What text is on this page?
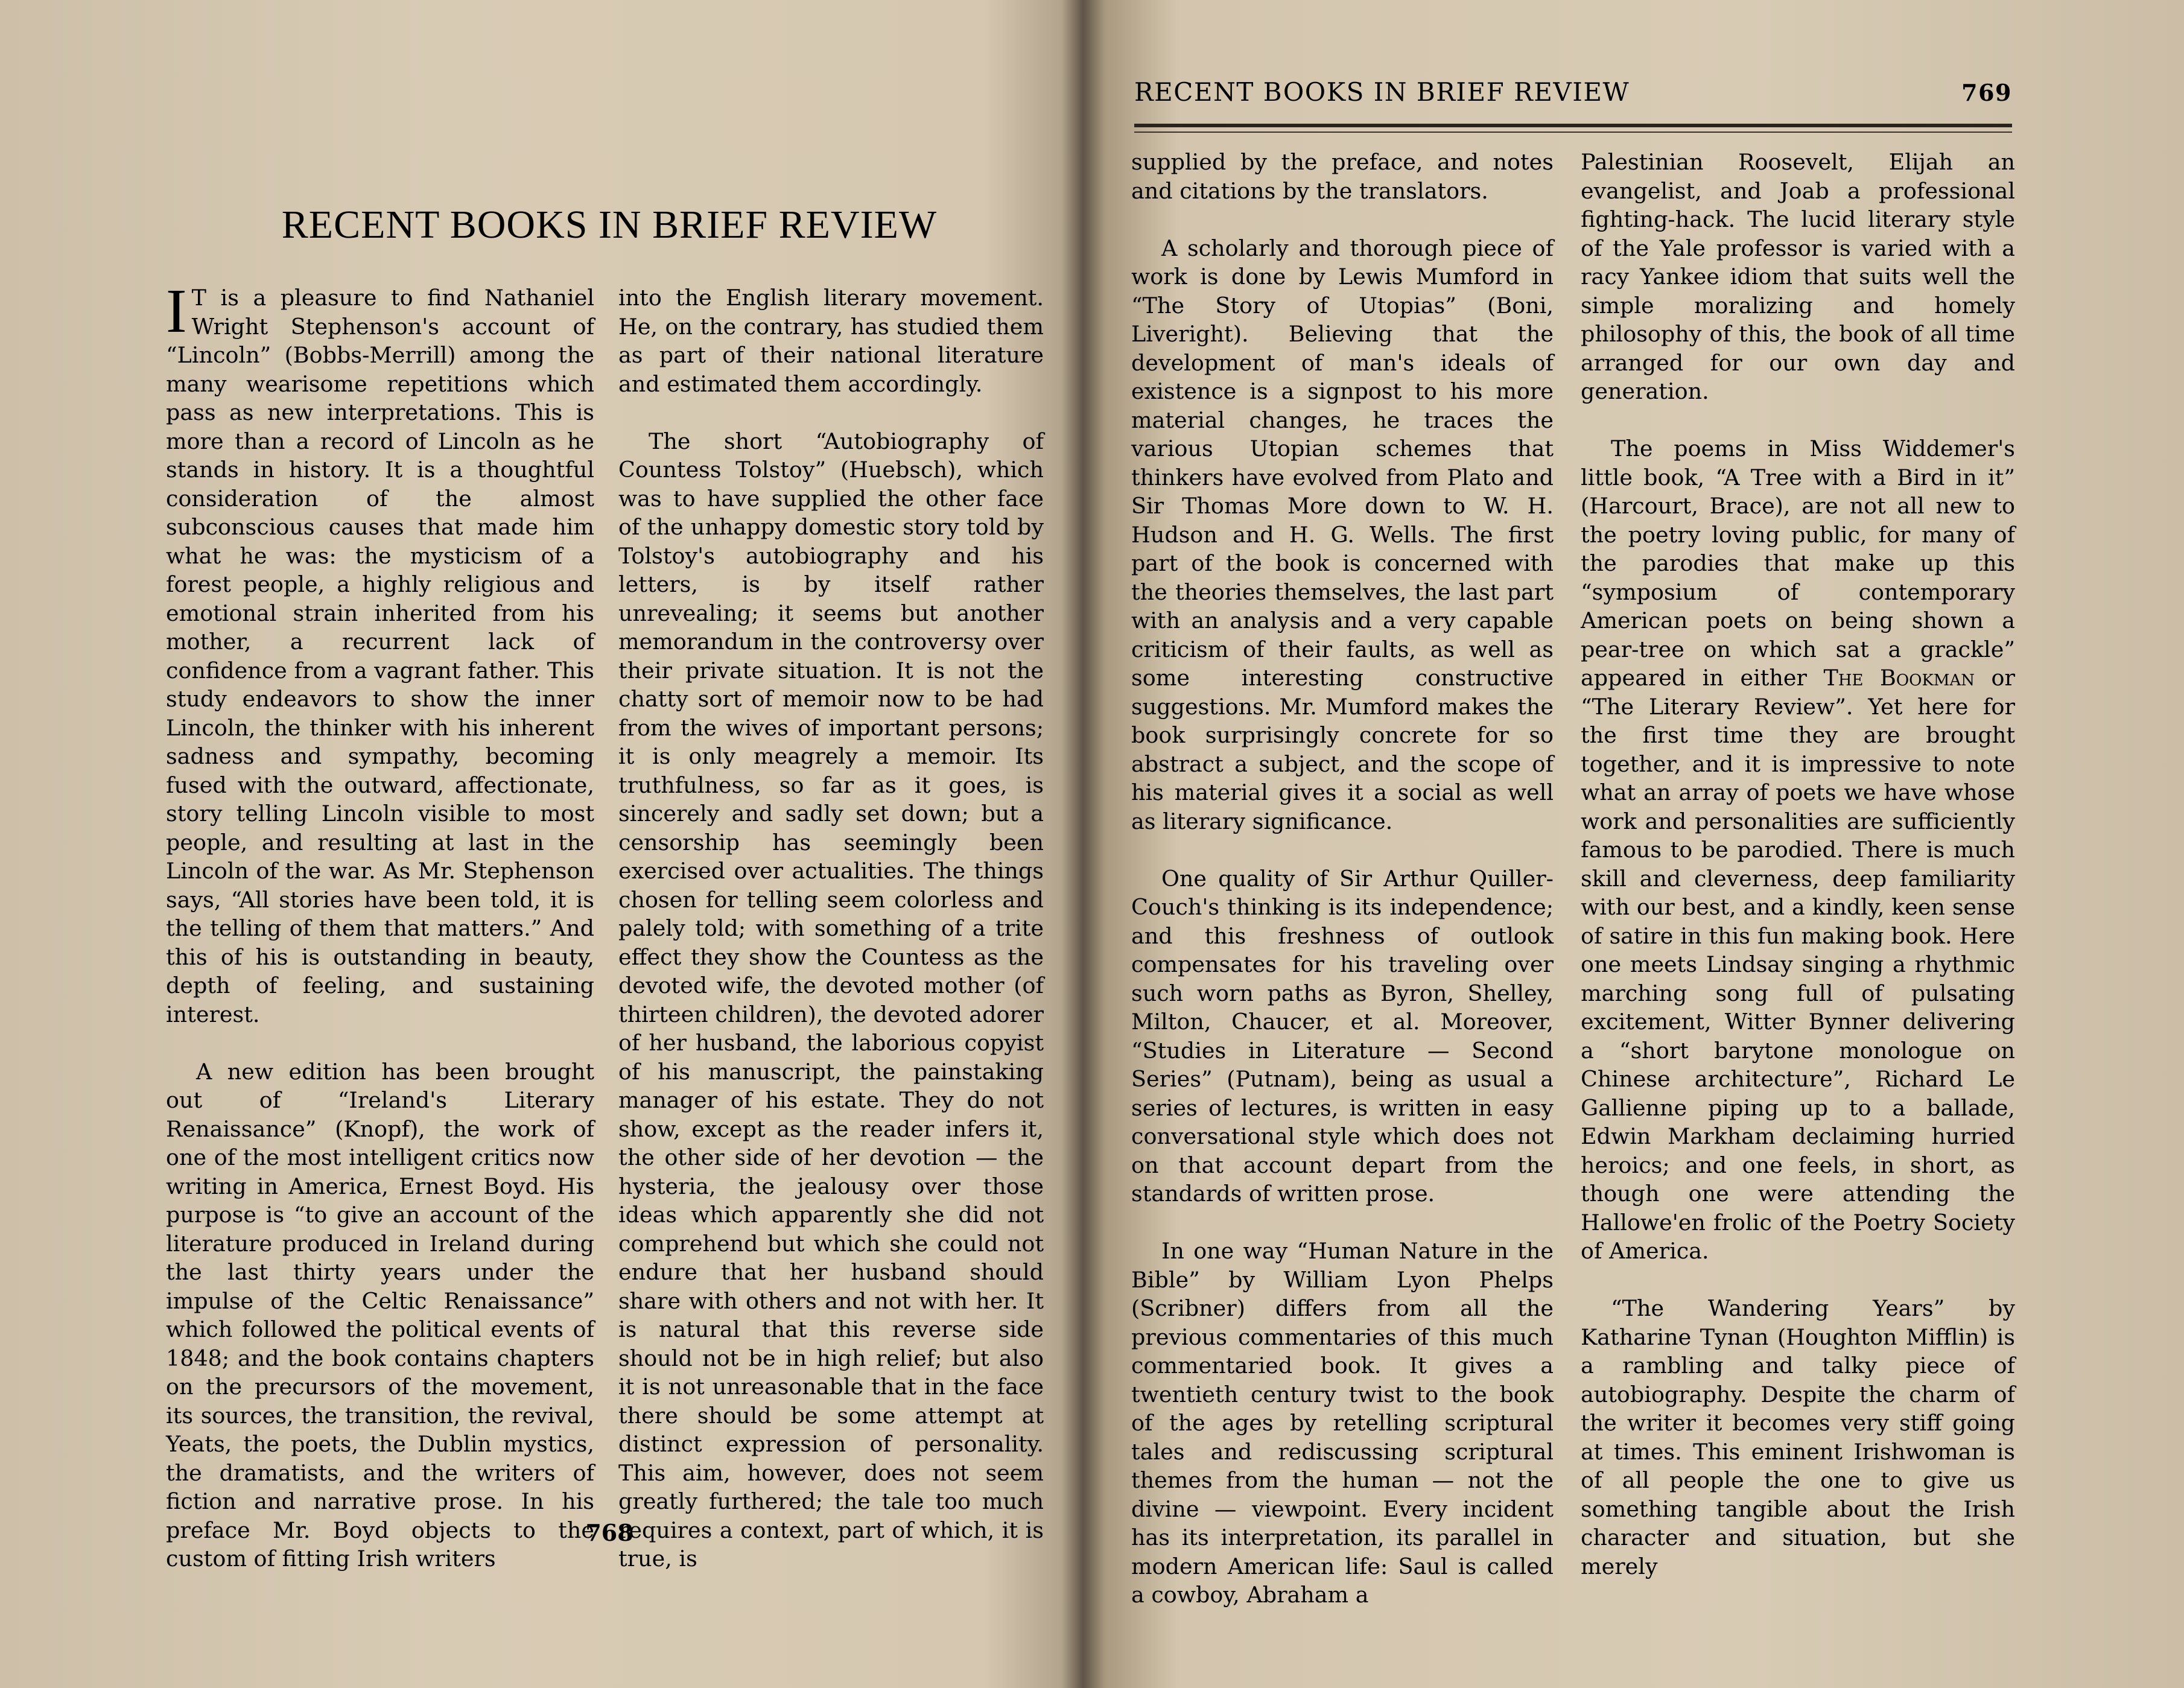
RECENT BOOKS IN BRIEF REVIEW	769
RECENT BOOKS IN BRIEF REVIEW

I T is a pleasure to find Nathaniel Wright Stephenson's account of “Lincoln” (Bobbs-Merrill) among the many wearisome repetitions which pass as new interpretations. This is more than a record of Lincoln as he stands in history. It is a thoughtful consideration of the almost subconscious causes that made him what he was: the mysticism of a forest people, a highly religious and emotional strain inherited from his mother, a recurrent lack of confidence from a vagrant father. This study endeavors to show the inner Lincoln, the thinker with his inherent sadness and sympathy, becoming fused with the outward, affectionate, story telling Lincoln visible to most people, and resulting at last in the Lincoln of the war. As Mr. Stephenson says, “All stories have been told, it is the telling of them that matters.” And this of his is outstanding in beauty, depth of feeling, and sustaining interest.

A new edition has been brought out of “Ireland's Literary Renaissance” (Knopf), the work of one of the most intelligent critics now writing in America, Ernest Boyd. His purpose is “to give an account of the literature produced in Ireland during the last thirty years under the impulse of the Celtic Renaissance” which followed the political events of 1848; and the book contains chapters on the precursors of the movement, its sources, the transition, the revival, Yeats, the poets, the Dublin mystics, the dramatists, and the writers of fiction and narrative prose. In his preface Mr. Boyd objects to the custom of fitting Irish writers

into the English literary movement. He, on the contrary, has studied them as part of their national literature and estimated them accordingly.

The short “Autobiography of Countess Tolstoy” (Huebsch), which was to have supplied the other face of the unhappy domestic story told by Tolstoy's autobiography and his letters, is by itself rather unrevealing; it seems but another memorandum in the controversy over their private situation. It is not the chatty sort of memoir now to be had from the wives of important persons; it is only meagrely a memoir. Its truthfulness, so far as it goes, is sincerely and sadly set down; but a censorship has seemingly been exercised over actualities. The things chosen for telling seem colorless and palely told; with something of a trite effect they show the Countess as the devoted wife, the devoted mother (of thirteen children), the devoted adorer of her husband, the laborious copyist of his manuscript, the painstaking manager of his estate. They do not show, except as the reader infers it, the other side of her devotion — the hysteria, the jealousy over those ideas which apparently she did not comprehend but which she could not endure that her husband should share with others and not with her. It is natural that this reverse side should not be in high relief; but also it is not unreasonable that in the face there should be some attempt at distinct expression of personality. This aim, however, does not seem greatly furthered; the tale too much requires a context, part of which, it is true, is

supplied by the preface, and notes and citations by the translators.

A scholarly and thorough piece of work is done by Lewis Mumford in “The Story of Utopias” (Boni, Liveright). Believing that the development of man's ideals of existence is a signpost to his more material changes, he traces the various Utopian schemes that thinkers have evolved from Plato and Sir Thomas More down to W. H. Hudson and H. G. Wells. The first part of the book is concerned with the theories themselves, the last part with an analysis and a very capable criticism of their faults, as well as some interesting constructive suggestions. Mr. Mumford makes the book surprisingly concrete for so abstract a subject, and the scope of his material gives it a social as well as literary significance.

One quality of Sir Arthur Quiller-Couch's thinking is its independence; and this freshness of outlook compensates for his traveling over such worn paths as Byron, Shelley, Milton, Chaucer, et al. Moreover, “Studies in Literature — Second Series” (Putnam), being as usual a series of lectures, is written in easy conversational style which does not on that account depart from the standards of written prose.

In one way “Human Nature in the Bible” by William Lyon Phelps (Scribner) differs from all the previous commentaries of this much commentaried book. It gives a twentieth century twist to the book of the ages by retelling scriptural tales and rediscussing scriptural themes from the human — not the divine — viewpoint. Every incident has its interpretation, its parallel in modern American life: Saul is called a cowboy, Abraham a

Palestinian Roosevelt, Elijah an evangelist, and Joab a professional fighting-hack. The lucid literary style of the Yale professor is varied with a racy Yankee idiom that suits well the simple moralizing and homely philosophy of this, the book of all time arranged for our own day and generation.

The poems in Miss Widdemer's little book, “A Tree with a Bird in it” (Harcourt, Brace), are not all new to the poetry loving public, for many of the parodies that make up this “symposium of contemporary American poets on being shown a pear-tree on which sat a grackle” appeared in either The Bookman or “The Literary Review”. Yet here for the first time they are brought together, and it is impressive to note what an array of poets we have whose work and personalities are sufficiently famous to be parodied. There is much skill and cleverness, deep familiarity with our best, and a kindly, keen sense of satire in this fun making book. Here one meets Lindsay singing a rhythmic marching song full of pulsating excitement, Witter Bynner delivering a “short barytone monologue on Chinese architecture”, Richard Le Gallienne piping up to a ballade, Edwin Markham declaiming hurried heroics; and one feels, in short, as though one were attending the Hallowe'en frolic of the Poetry Society of America.

“The Wandering Years” by Katharine Tynan (Houghton Mifflin) is a rambling and talky piece of autobiography. Despite the charm of the writer it becomes very stiff going at times. This eminent Irishwoman is of all people the one to give us something tangible about the Irish character and situation, but she merely

768
